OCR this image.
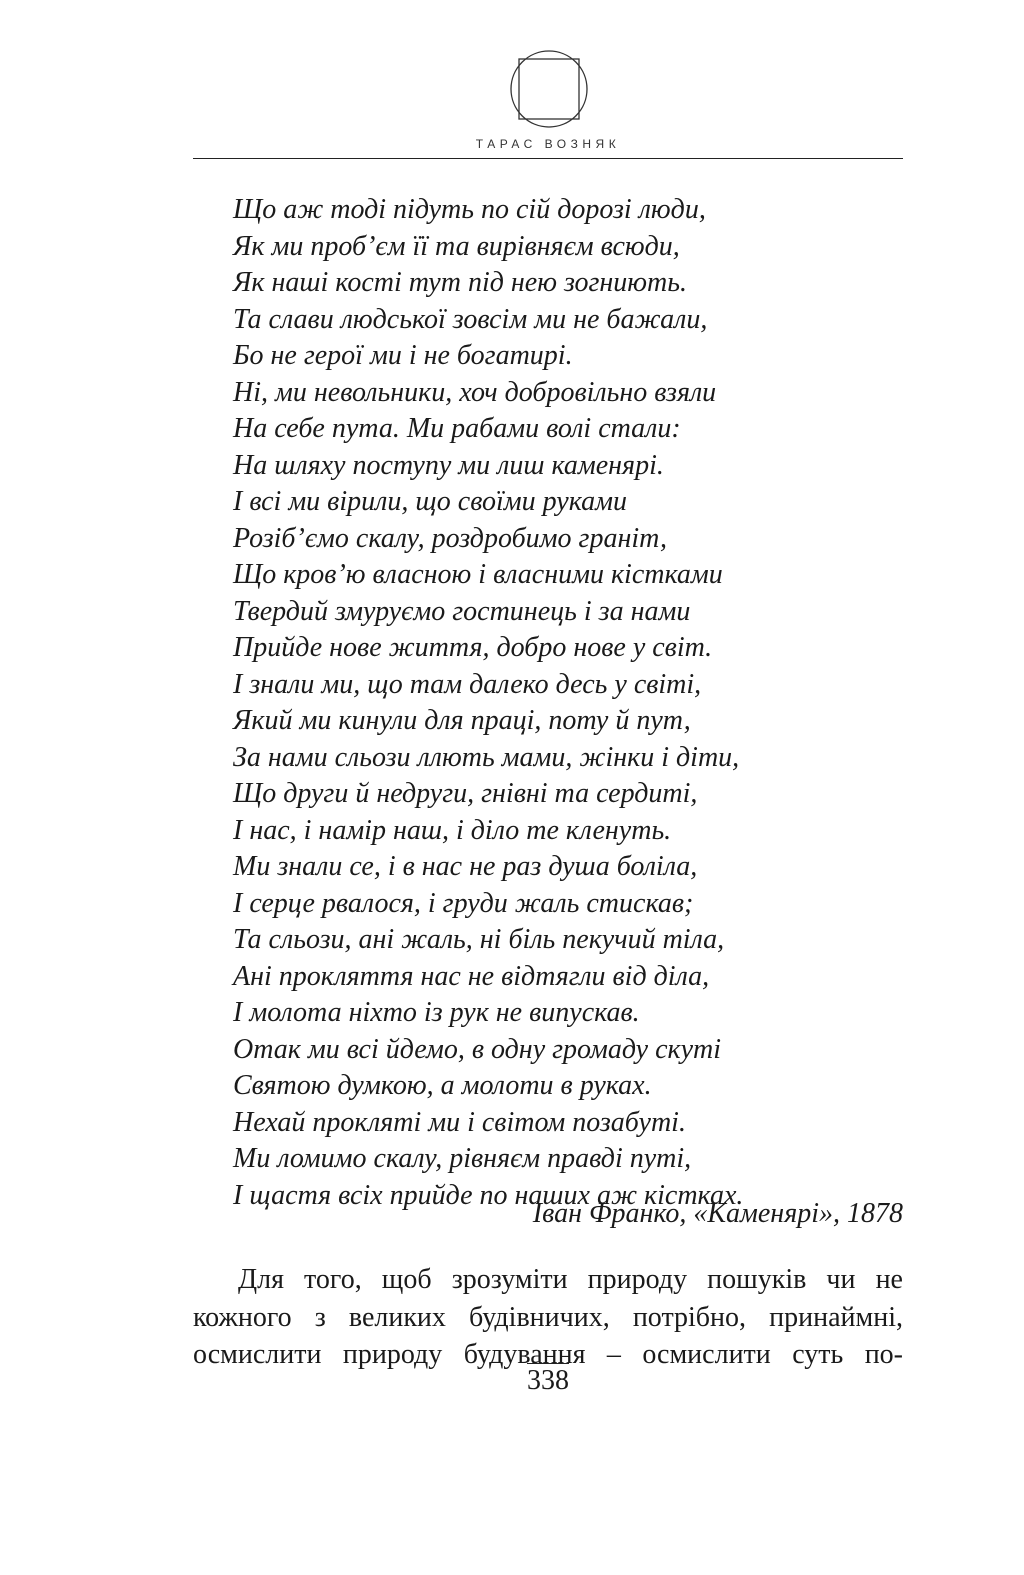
ТАРАС ВОЗНЯК
Що аж тоді підуть по сій дорозі люди,
Як ми проб’єм її та вирівняєм всюди,
Як наші кості тут під нею зогниють.
Та слави людської зовсім ми не бажали,
Бо не герої ми і не богатирі.
Ні, ми невольники, хоч добровільно взяли
На себе пута. Ми рабами волі стали:
На шляху поступу ми лиш каменярі.
І всі ми вірили, що своїми руками
Розіб’ємо скалу, роздробимо граніт,
Що кров’ю власною і власними кістками
Твердий змуруємо гостинець і за нами
Прийде нове життя, добро нове у світ.
І знали ми, що там далеко десь у світі,
Який ми кинули для праці, поту й пут,
За нами сльози ллють мами, жінки і діти,
Що други й недруги, гнівні та сердиті,
І нас, і намір наш, і діло те кленуть.
Ми знали се, і в нас не раз душа боліла,
І серце рвалося, і груди жаль стискав;
Та сльози, ані жаль, ні біль пекучий тіла,
Ані прокляття нас не відтягли від діла,
І молота ніхто із рук не випускав.
Отак ми всі йдемо, в одну громаду скуті
Святою думкою, а молоти в руках.
Нехай прокляті ми і світом позабуті.
Ми ломимо скалу, рівняєм правді путі,
І щастя всіх прийде по наших аж кістках.
Іван Франко, «Каменярі», 1878

Для того, щоб зрозуміти природу пошуків чи не кожного з великих будівничих, потрібно, принаймні, осмислити природу будування – осмислити суть по-

338
